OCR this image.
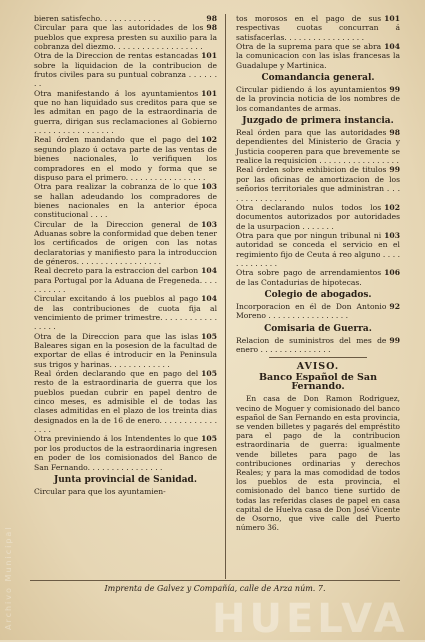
98
bieren satisfecho. . . . . . . . . . . . .
98
Circular para que las autoridades de los pueblos que expresa presten su auxilio para la cobranza del diezmo. . . . . . . . . . . . . . . . . . .
101
Otra de la Direccion de rentas estancadas sobre la liquidacion de la contribucion de frutos civiles para su puntual cobranza . . . . . . . .
101
Otra manifestando á los ayuntamientos que no han liquidado sus creditos para que se les admitan en pago de la estraordinaria de guerra, dirigan sus reclamaciones al Gobierno . . . . . . . . . . . . . . . . .
102
Real órden mandando que el pago del segundo plazo ú octava parte de las ventas de bienes nacionales, lo verifiquen los compradores en el modo y forma que se dispuso para el primero. . . . . . . . . . . . . . . . .
103
Otra para realizar la cobranza de lo que se hallan adeudando los compradores de bienes nacionales en la anterior época constitucional . . . .
103
Circular de la Direccion general de Aduanas sobre la conformidad que deben tener los certificados de origen con las notas declaratorias y manifiesto para la introduccion de géneros. . . . . . . . . . . . . . . . . .
104
Real decreto para la estraccion del carbon para Portugal por la Aduana de Fregeneda. . . . . . . . . . .
104
Circular excitando á los pueblos al pago de las contribuciones de cuota fija al vencimiento de primer trimestre. . . . . . . . . . . . . . . . .
105
Otra de la Direccion para que las islas Baleares sigan en la posesion de la facultad de exportar de ellas é introducir en la Peninsula sus trigos y harinas. . . . . . . . . . . . .
105
Real órden declarando que en pago del resto de la estraordinaria de guerra que los pueblos puedan cubrir en papel dentro de cinco meses, es admisible el de todas las clases admitidas en el plazo de los treinta dias designados en la de 16 de enero. . . . . . . . . . . . . . . .
105
Otra previniendo á los Intendentes lo que por los productos de la estraordinaria ingresen en poder de los comisionados del Banco de San Fernando. . . . . . . . . . . . . . . .
Junta provincial de Sanidad.
Circular para que los ayuntamien-
101
tos morosos en el pago de sus respectivas cuotas concurran á satisfacerlas. . . . . . . . . . . . . . . . .
104
Otra de la suprema para que se abra la comunicacion con las islas francesas la Guadalupe y Martinica.
Comandancia general.
99
Circular pidiendo á los ayuntamientos de la provincia noticia de los nombres de los comandantes de armas.
Juzgado de primera instancia.
98
Real órden para que las autoridades dependientes del Ministerio de Gracia y Justicia cooperen para que brevemente se realice la requisicion . . . . . . . . . . . . . . . . .
99
Real órden sobre exhibicion de titulos por las oficinas de amortizacion de los señorios territoriales que administran . . . . . . . . . . . . . .
102
Otra declarando nulos todos los documentos autorizados por autoridades de la usurpacion . . . . . . .
103
Otra para que por ningun tribunal ni autoridad se conceda el servicio en el regimiento fijo de Ceuta á reo alguno . . . . . . . . . . . . .
106
Otra sobre pago de arrendamientos de las Contadurias de hipotecas.
Colegio de abogados.
92
Incorporacion en él de Don Antonio Moreno . . . . . . . . . . . . . . . . .
Comisaria de Guerra.
99
Relacion de suministros del mes de enero . . . . . . . . . . . . . . .
AVISO.
Banco Español de San Fernando.
En casa de Don Ramon Rodriguez, vecino de Moguer y comisionado del banco español de San Fernando en esta provincia, se venden billetes y pagarés del empréstito para el pago de la contribucion estraordinaria de guerra: igualmente vende billetes para pago de las contribuciones ordinarias y derechos Reales; y para la mas comodidad de todos los pueblos de esta provincia, el comisionado del banco tiene surtido de todas las referidas clases de papel en casa capital de Huelva casa de Don José Vicente de Osorno, que vive calle del Puerto número 36.
Imprenta de Galvez y Compañía, calle de Arza núm. 7.
HUELVA
Archivo Municipal
